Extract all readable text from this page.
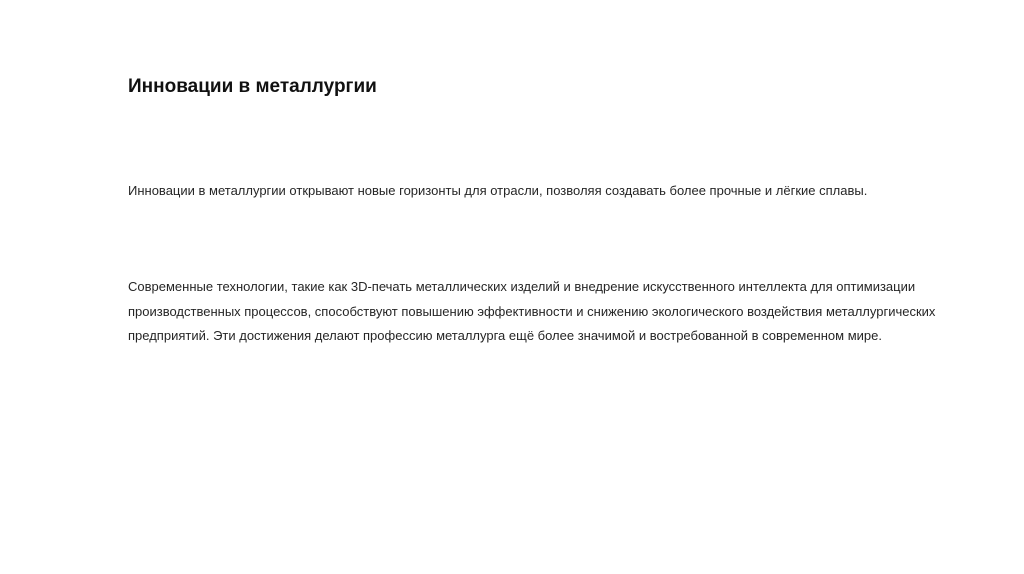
Инновации в металлургии

Инновации в металлургии открывают новые горизонты для отрасли, позволяя создавать более прочные и лёгкие сплавы.

Современные технологии, такие как 3D-печать металлических изделий и внедрение искусственного интеллекта для оптимизации производственных процессов, способствуют повышению эффективности и снижению экологического воздействия металлургических предприятий. Эти достижения делают профессию металлурга ещё более значимой и востребованной в современном мире.
